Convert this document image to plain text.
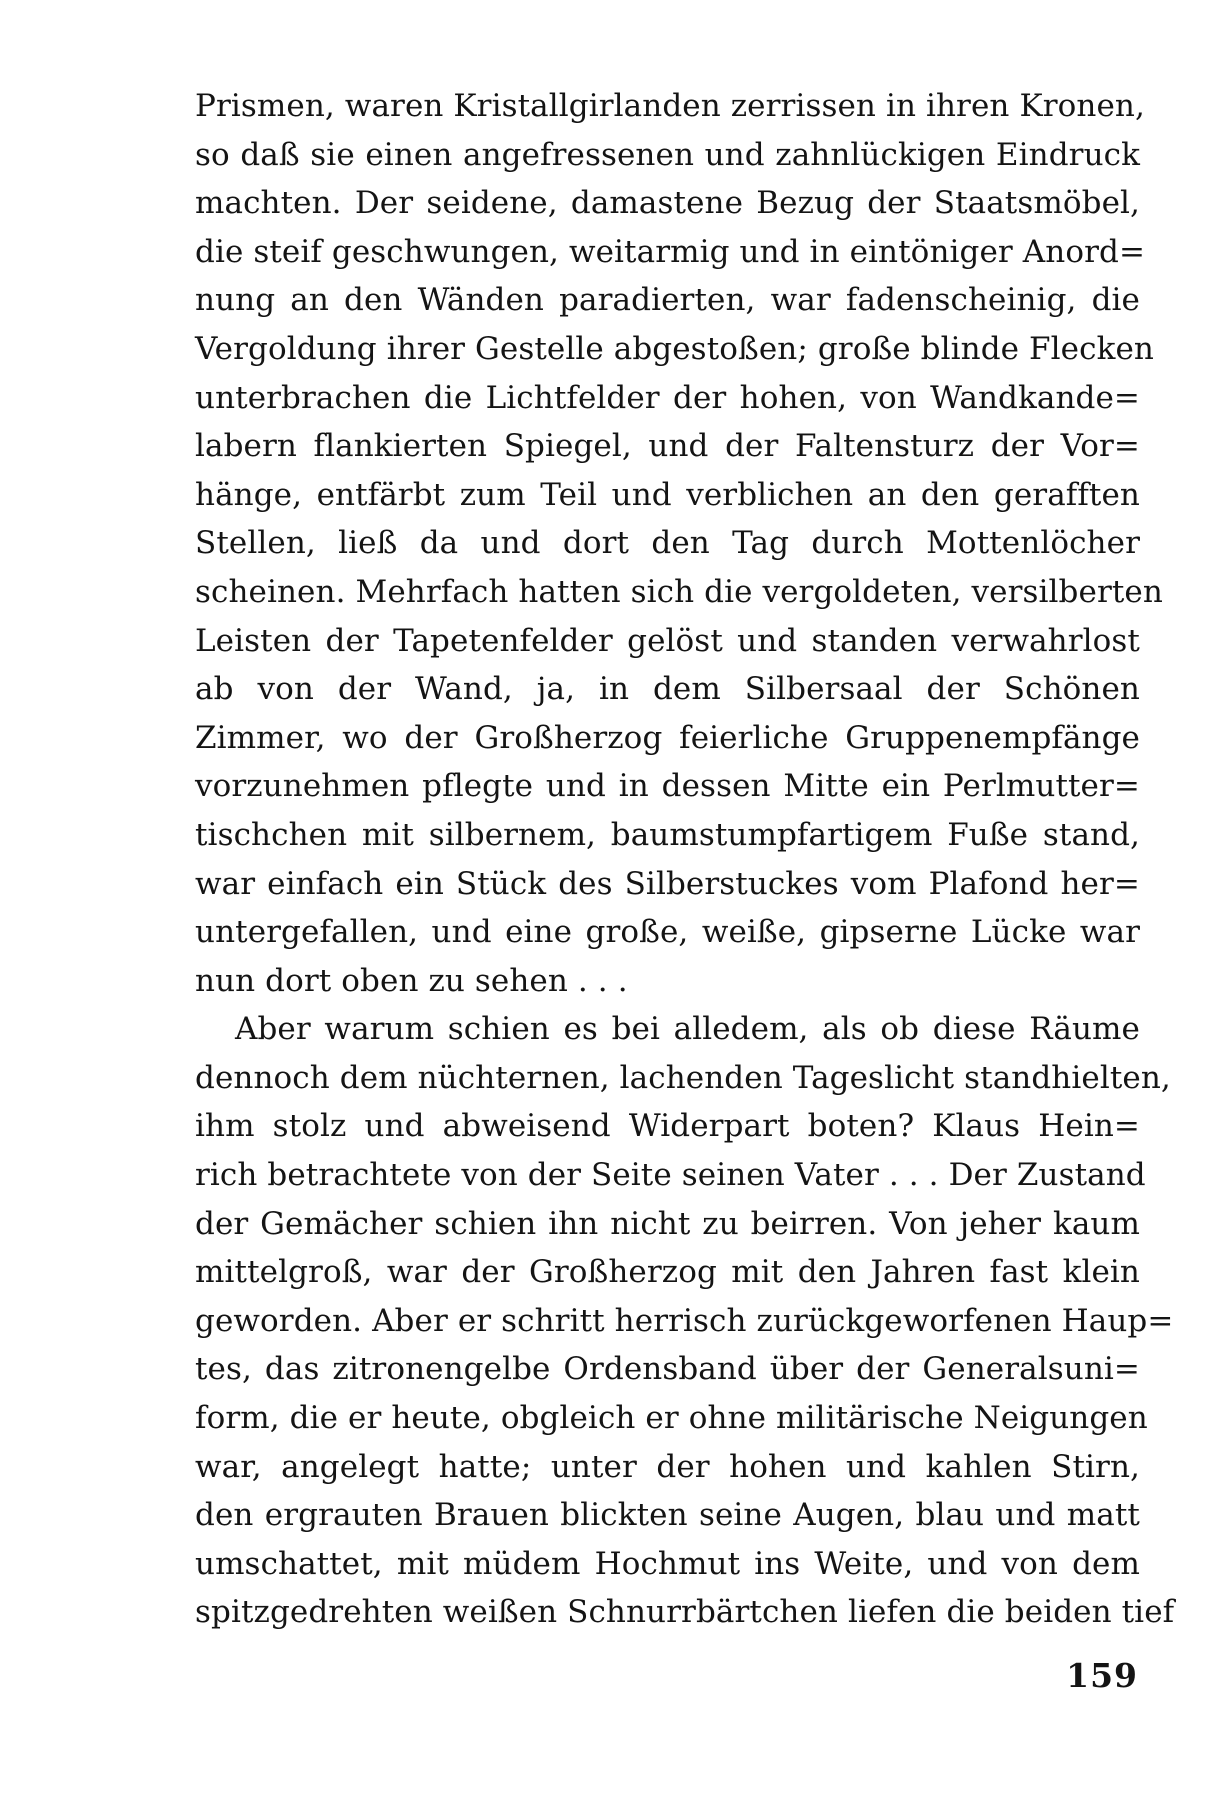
Prismen, waren Kristallgirlanden zerrissen in ihren Kronen,
so daß sie einen angefressenen und zahnlückigen Eindruck
machten. Der seidene, damastene Bezug der Staatsmöbel,
die steif geschwungen, weitarmig und in eintöniger Anord=
nung an den Wänden paradierten, war fadenscheinig, die
Vergoldung ihrer Gestelle abgestoßen; große blinde Flecken
unterbrachen die Lichtfelder der hohen, von Wandkande=
labern flankierten Spiegel, und der Faltensturz der Vor=
hänge, entfärbt zum Teil und verblichen an den gerafften
Stellen, ließ da und dort den Tag durch Mottenlöcher
scheinen. Mehrfach hatten sich die vergoldeten, versilberten
Leisten der Tapetenfelder gelöst und standen verwahrlost
ab von der Wand, ja, in dem Silbersaal der Schönen
Zimmer, wo der Großherzog feierliche Gruppenempfänge
vorzunehmen pflegte und in dessen Mitte ein Perlmutter=
tischchen mit silbernem, baumstumpfartigem Fuße stand,
war einfach ein Stück des Silberstuckes vom Plafond her=
untergefallen, und eine große, weiße, gipserne Lücke war
nun dort oben zu sehen . . .
Aber warum schien es bei alledem, als ob diese Räume
dennoch dem nüchternen, lachenden Tageslicht standhielten,
ihm stolz und abweisend Widerpart boten? Klaus Hein=
rich betrachtete von der Seite seinen Vater . . . Der Zustand
der Gemächer schien ihn nicht zu beirren. Von jeher kaum
mittelgroß, war der Großherzog mit den Jahren fast klein
geworden. Aber er schritt herrisch zurückgeworfenen Haup=
tes, das zitronengelbe Ordensband über der Generalsuni=
form, die er heute, obgleich er ohne militärische Neigungen
war, angelegt hatte; unter der hohen und kahlen Stirn,
den ergrauten Brauen blickten seine Augen, blau und matt
umschattet, mit müdem Hochmut ins Weite, und von dem
spitzgedrehten weißen Schnurrbärtchen liefen die beiden tief
159
